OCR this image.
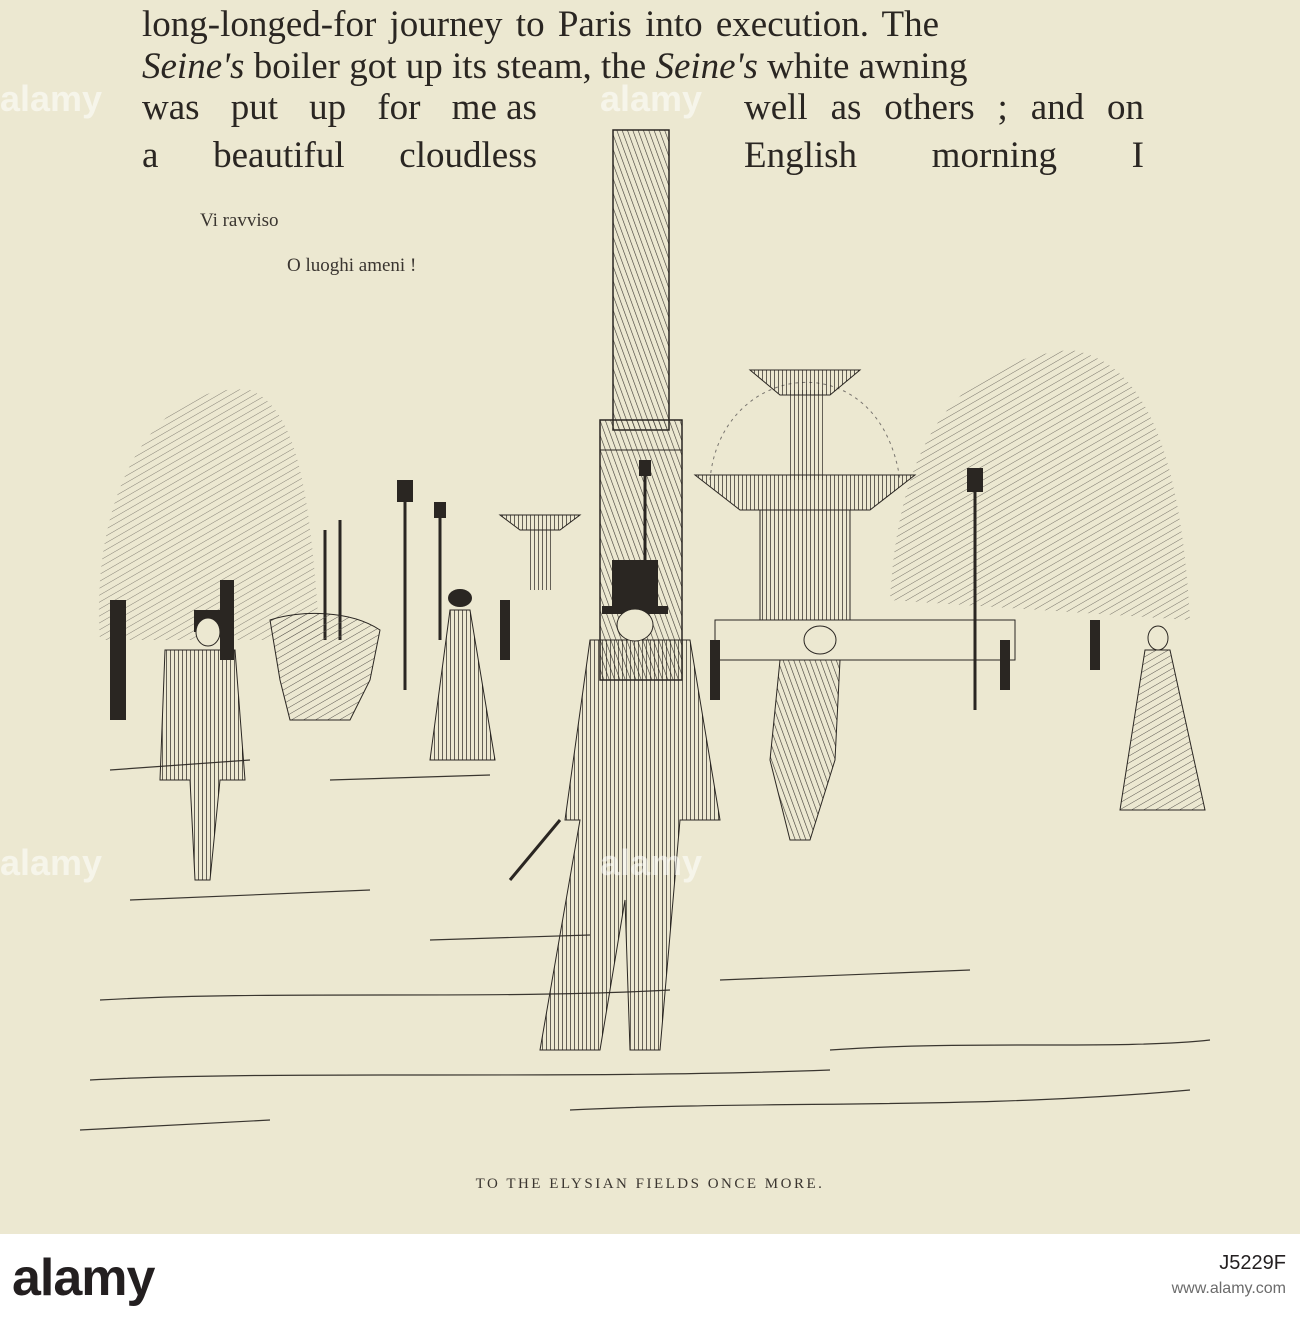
long-longed-for journey to Paris into execution. The
Seine's boiler got up its steam, the Seine's white awning
was put up for me as	well as others ; and on
a beautiful cloudless	English morning I
Vi ravviso
O luoghi ameni !
TO THE ELYSIAN FIELDS ONCE MORE.
alamy
alamy
alamy
alamy
alamy	J5229F
www.alamy.com
